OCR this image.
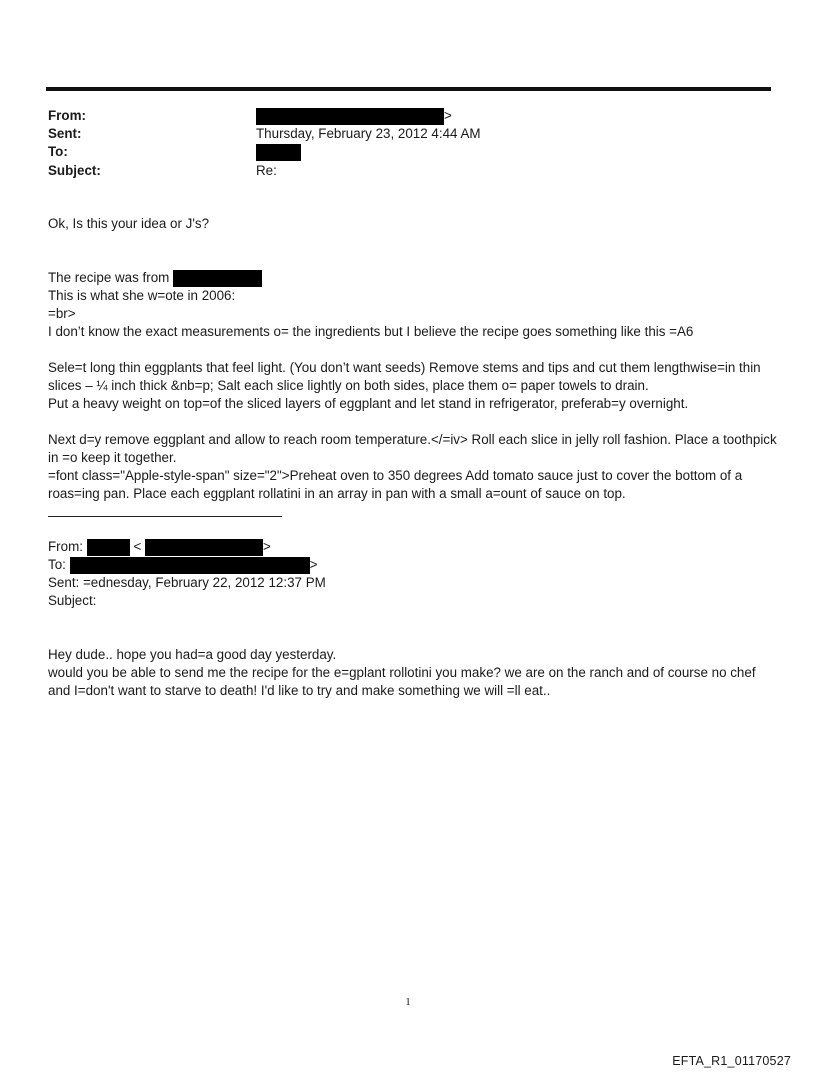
From:	>
Sent:	Thursday, February 23, 2012 4:44 AM
To:
Subject:	Re:
Ok, Is this your idea or J's?

The recipe was from

This is what she w=ote in 2006:

=br>

I don’t know the exact measurements o= the ingredients but I believe the recipe goes something like this =A6

Sele=t long thin eggplants that feel light. (You don’t want seeds) Remove stems and tips and cut them lengthwise=in thin slices – ¼ inch thick &nb=p; Salt each slice lightly on both sides, place them o= paper towels to drain.

Put a heavy weight on top=of the sliced layers of eggplant and let stand in refrigerator, preferab=y overnight.

Next d=y remove eggplant and allow to reach room temperature.</=iv> Roll each slice in jelly roll fashion. Place a toothpick in =o keep it together.

=font class="Apple-style-span" size="2">Preheat oven to 350 degrees Add tomato sauce just to cover the bottom of a roas=ing pan. Place each eggplant rollatini in an array in pan with a small a=ount of sauce on top.

From:	<	>

To:	>

Sent: =ednesday, February 22, 2012 12:37 PM

Subject:

Hey dude.. hope you had=a good day yesterday.

would you be able to send me the recipe for the e=gplant rollotini you make? we are on the ranch and of course no chef and I=don't want to starve to death! I'd like to try and make something we will =ll eat..

1
EFTA_R1_01170527
